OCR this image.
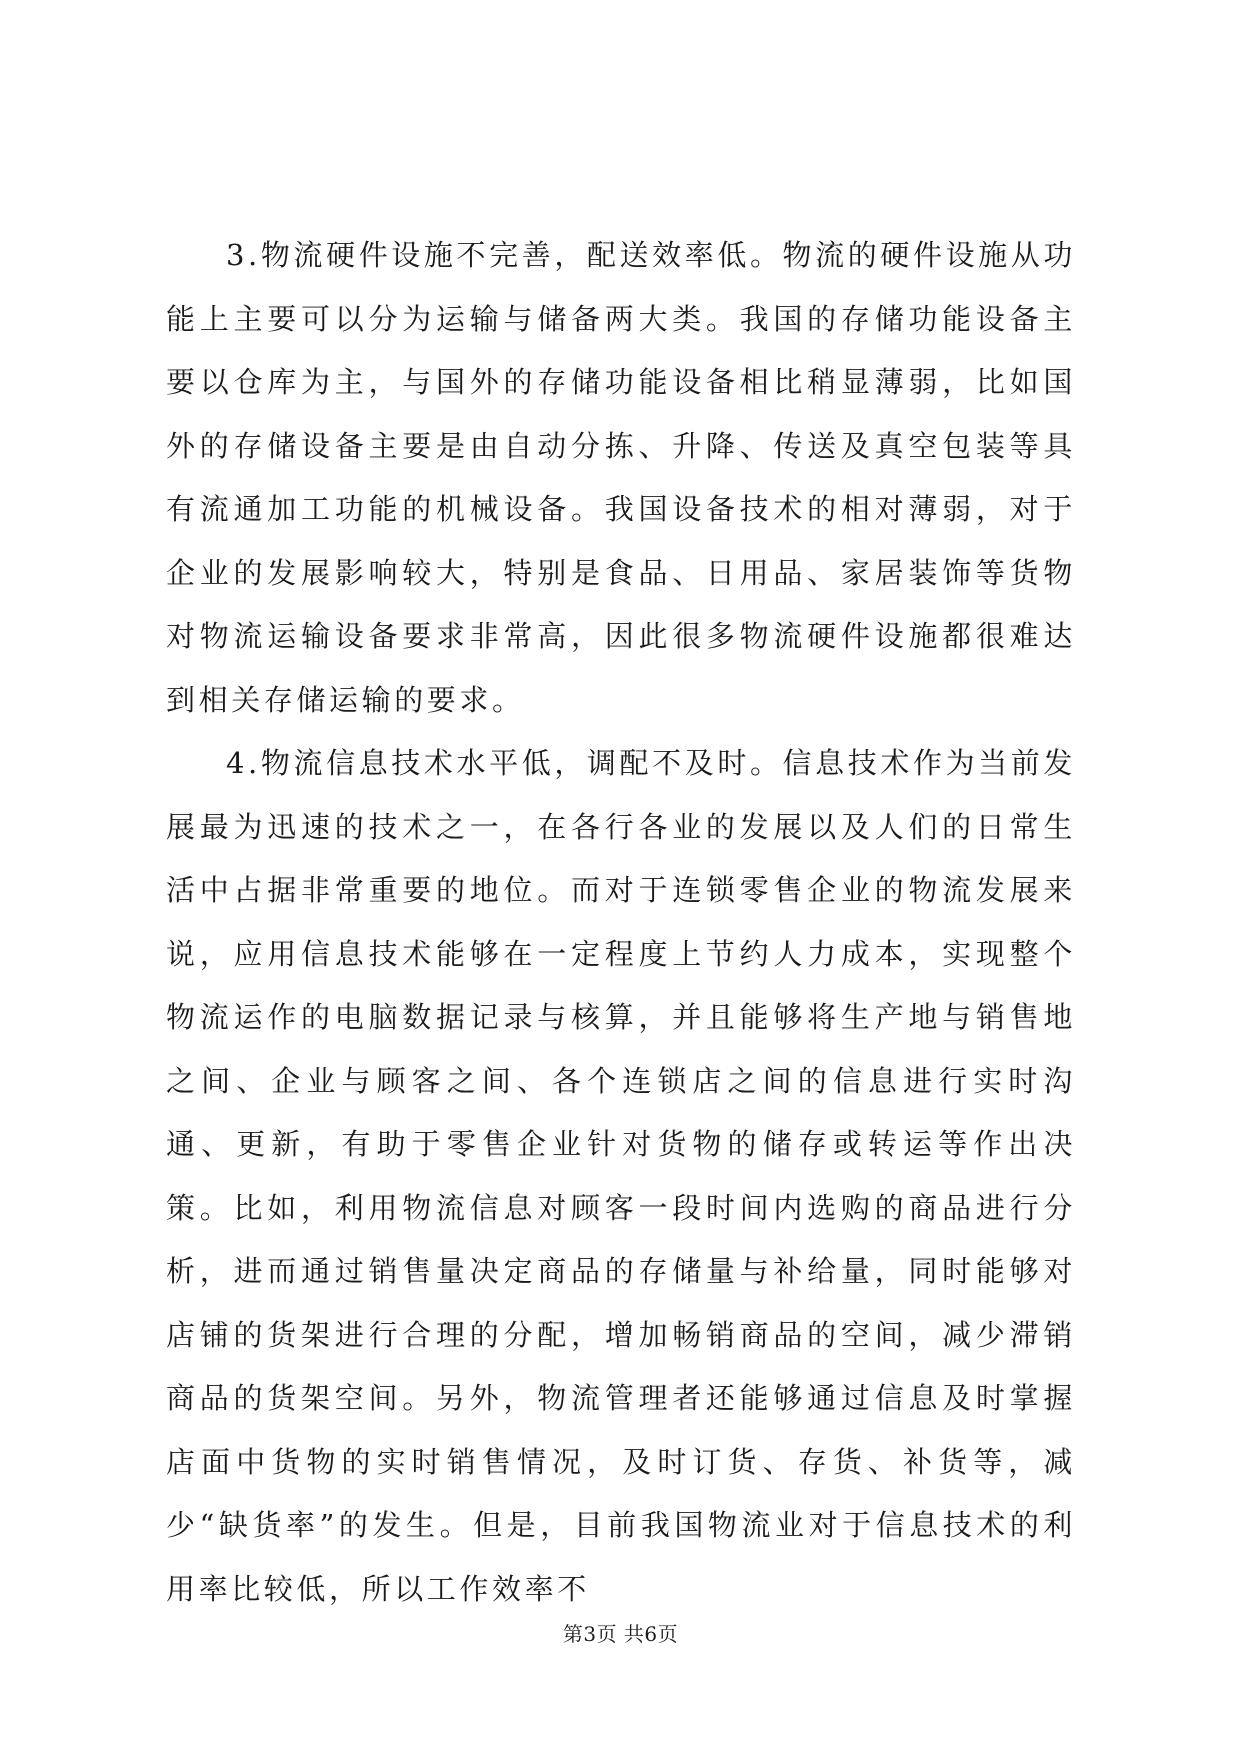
3.物流硬件设施不完善，配送效率低。物流的硬件设施从功能上主要可以分为运输与储备两大类。我国的存储功能设备主要以仓库为主，与国外的存储功能设备相比稍显薄弱，比如国外的存储设备主要是由自动分拣、升降、传送及真空包装等具有流通加工功能的机械设备。我国设备技术的相对薄弱，对于企业的发展影响较大，特别是食品、日用品、家居装饰等货物对物流运输设备要求非常高，因此很多物流硬件设施都很难达到相关存储运输的要求。

4.物流信息技术水平低，调配不及时。信息技术作为当前发展最为迅速的技术之一，在各行各业的发展以及人们的日常生活中占据非常重要的地位。而对于连锁零售企业的物流发展来说，应用信息技术能够在一定程度上节约人力成本，实现整个物流运作的电脑数据记录与核算，并且能够将生产地与销售地之间、企业与顾客之间、各个连锁店之间的信息进行实时沟通、更新，有助于零售企业针对货物的储存或转运等作出决策。比如，利用物流信息对顾客一段时间内选购的商品进行分析，进而通过销售量决定商品的存储量与补给量，同时能够对店铺的货架进行合理的分配，增加畅销商品的空间，减少滞销商品的货架空间。另外，物流管理者还能够通过信息及时掌握店面中货物的实时销售情况，及时订货、存货、补货等，减少“缺货率”的发生。但是，目前我国物流业对于信息技术的利用率比较低，所以工作效率不

第3页 共6页
